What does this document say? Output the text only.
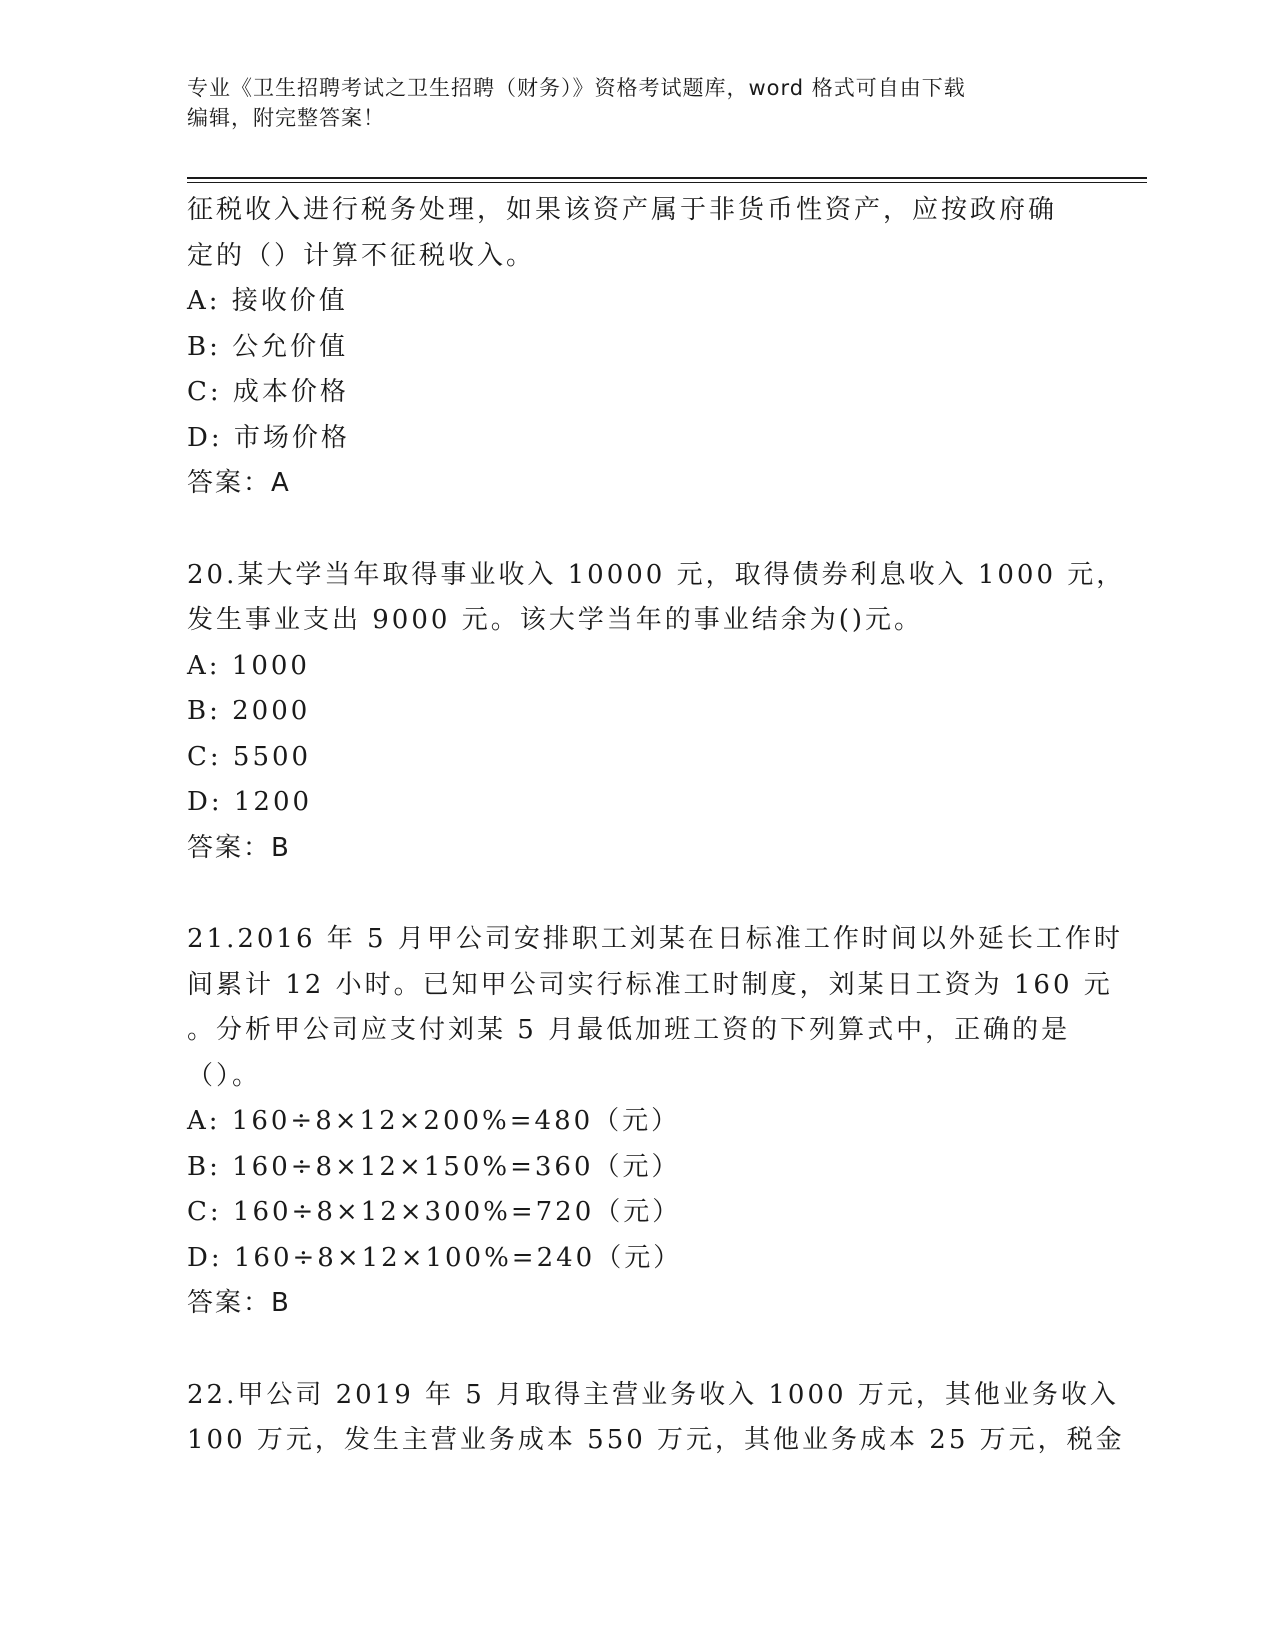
专业《卫生招聘考试之卫生招聘（财务）》资格考试题库，word 格式可自由下载
编辑，附完整答案！
征税收入进行税务处理，如果该资产属于非货币性资产，应按政府确
定的（）计算不征税收入。
A: 接收价值
B: 公允价值
C: 成本价格
D: 市场价格
答案：A
20.某大学当年取得事业收入 10000 元，取得债券利息收入 1000 元，
发生事业支出 9000 元。该大学当年的事业结余为()元。
A: 1000
B: 2000
C: 5500
D: 1200
答案：B
21.2016 年 5 月甲公司安排职工刘某在日标准工作时间以外延长工作时
间累计 12 小时。已知甲公司实行标准工时制度，刘某日工资为 160 元
。分析甲公司应支付刘某 5 月最低加班工资的下列算式中，正确的是
（）。
A: 160÷8×12×200%=480（元）
B: 160÷8×12×150%=360（元）
C: 160÷8×12×300%=720（元）
D: 160÷8×12×100%=240（元）
答案：B
22.甲公司 2019 年 5 月取得主营业务收入 1000 万元，其他业务收入
100 万元，发生主营业务成本 550 万元，其他业务成本 25 万元，税金
